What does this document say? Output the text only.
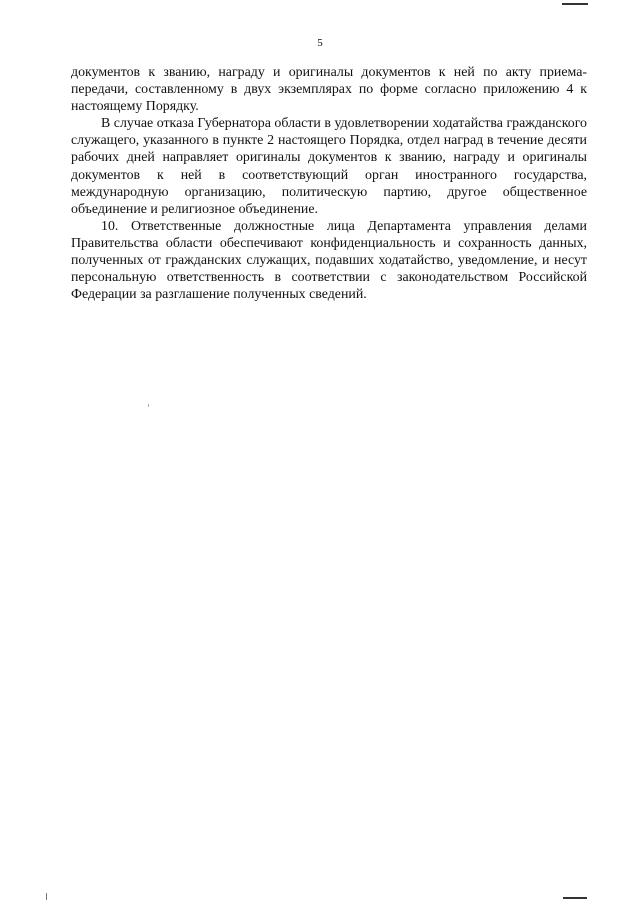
5

документов к званию, награду и оригиналы документов к ней по акту приема-передачи, составленному в двух экземплярах по форме согласно приложению 4 к настоящему Порядку.

В случае отказа Губернатора области в удовлетворении ходатайства гражданского служащего, указанного в пункте 2 настоящего Порядка, отдел наград в течение десяти рабочих дней направляет оригиналы документов к званию, награду и оригиналы документов к ней в соответствующий орган иностранного государства, международную организацию, политическую партию, другое общественное объединение и религиозное объединение.

10. Ответственные должностные лица Департамента управления делами Правительства области обеспечивают конфиденциальность и сохранность данных, полученных от гражданских служащих, подавших ходатайство, уведомление, и несут персональную ответственность в соответствии с законодательством Российской Федерации за разглашение полученных сведений.
